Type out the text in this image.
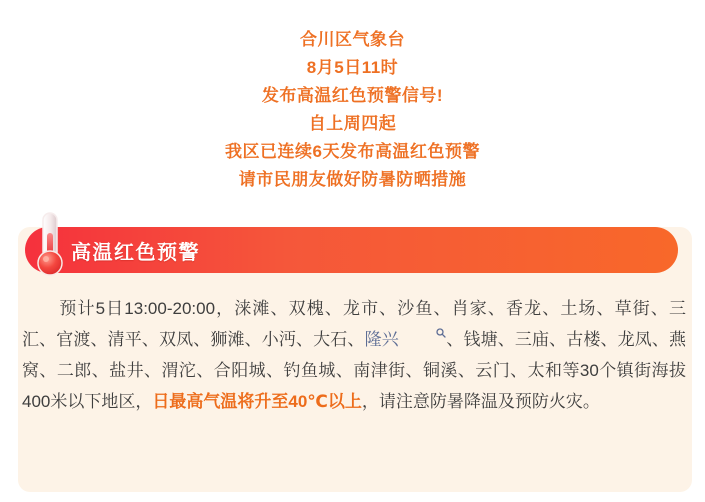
合川区气象台
8月5日11时
发布高温红色预警信号!
自上周四起
我区已连续6天发布高温红色预警
请市民朋友做好防暑防晒措施
高温红色预警

预计5日13:00-20:00，涞滩、双槐、龙市、沙鱼、肖家、香龙、土场、草街、三汇、官渡、清平、双凤、狮滩、小沔、大石、隆兴	、钱塘、三庙、古楼、龙凤、燕窝、二郎、盐井、渭沱、合阳城、钓鱼城、南津街、铜溪、云门、太和等30个镇街海拔400米以下地区，日最高气温将升至40℃以上，请注意防暑降温及预防火灾。
